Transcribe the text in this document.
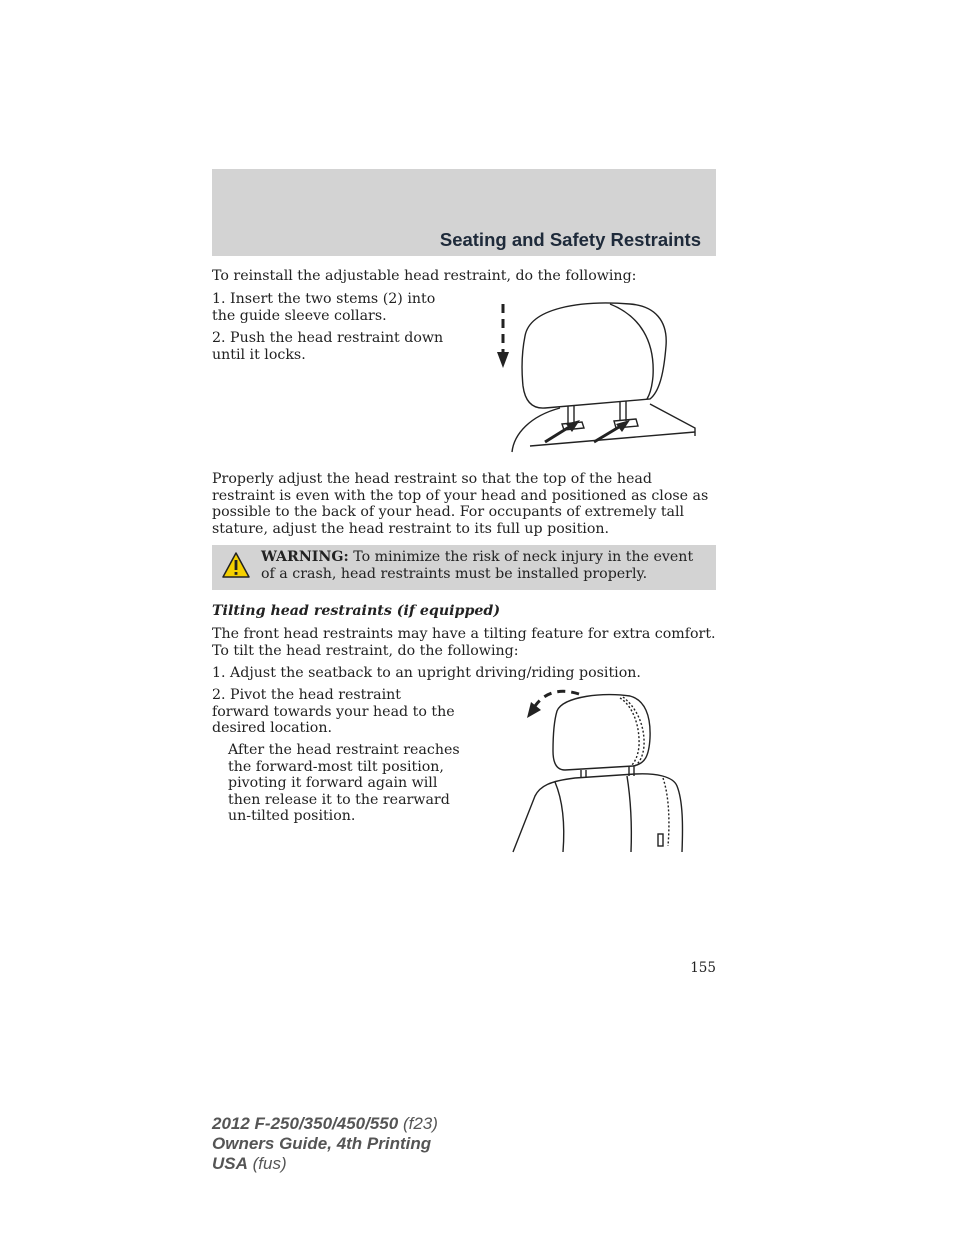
Seating and Safety Restraints

To reinstall the adjustable head restraint, do the following:

1. Insert the two stems (2) into the guide sleeve collars.

2. Push the head restraint down until it locks.

Properly adjust the head restraint so that the top of the head restraint is even with the top of your head and positioned as close as possible to the back of your head. For occupants of extremely tall stature, adjust the head restraint to its full up position.

WARNING: To minimize the risk of neck injury in the event of a crash, head restraints must be installed properly.
Tilting head restraints (if equipped)

The front head restraints may have a tilting feature for extra comfort. To tilt the head restraint, do the following:

1. Adjust the seatback to an upright driving/riding position.

2. Pivot the head restraint forward towards your head to the desired location.

After the head restraint reaches the forward-most tilt position, pivoting it forward again will then release it to the rearward un-tilted position.

155
2012 F-250/350/450/550 (f23)
Owners Guide, 4th Printing
USA (fus)
